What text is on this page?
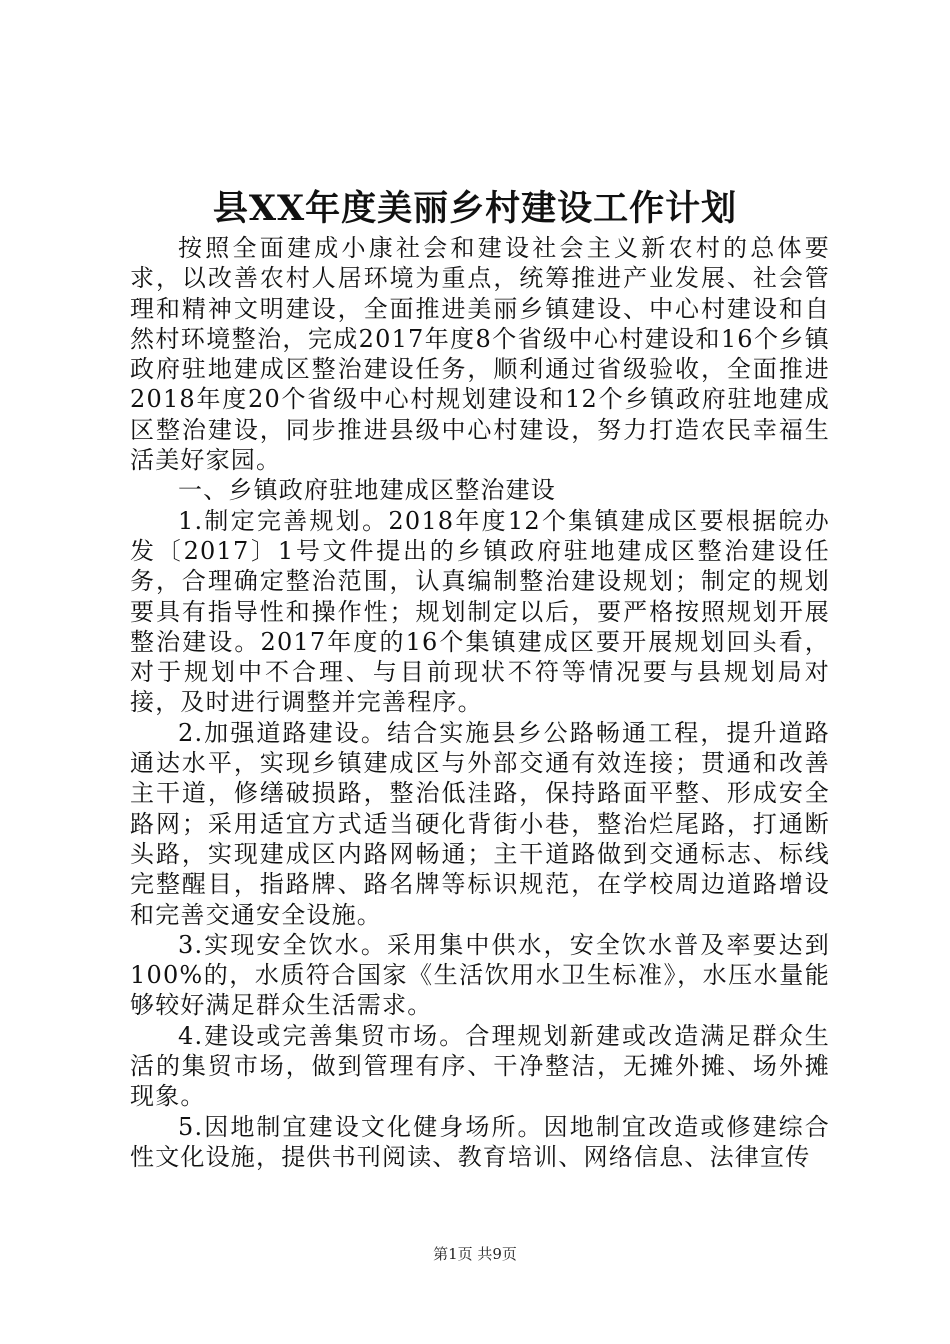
县XX年度美丽乡村建设工作计划

按照全面建成小康社会和建设社会主义新农村的总体要求，以改善农村人居环境为重点，统筹推进产业发展、社会管理和精神文明建设，全面推进美丽乡镇建设、中心村建设和自然村环境整治，完成2017年度8个省级中心村建设和16个乡镇政府驻地建成区整治建设任务，顺利通过省级验收，全面推进2018年度20个省级中心村规划建设和12个乡镇政府驻地建成区整治建设，同步推进县级中心村建设，努力打造农民幸福生活美好家园。

一、乡镇政府驻地建成区整治建设

1.制定完善规划。2018年度12个集镇建成区要根据皖办发〔2017〕1号文件提出的乡镇政府驻地建成区整治建设任务，合理确定整治范围，认真编制整治建设规划；制定的规划要具有指导性和操作性；规划制定以后，要严格按照规划开展整治建设。2017年度的16个集镇建成区要开展规划回头看，对于规划中不合理、与目前现状不符等情况要与县规划局对接，及时进行调整并完善程序。

2.加强道路建设。结合实施县乡公路畅通工程，提升道路通达水平，实现乡镇建成区与外部交通有效连接；贯通和改善主干道，修缮破损路，整治低洼路，保持路面平整、形成安全路网；采用适宜方式适当硬化背街小巷，整治烂尾路，打通断头路，实现建成区内路网畅通；主干道路做到交通标志、标线完整醒目，指路牌、路名牌等标识规范，在学校周边道路增设和完善交通安全设施。

3.实现安全饮水。采用集中供水，安全饮水普及率要达到100%的，水质符合国家《生活饮用水卫生标准》，水压水量能够较好满足群众生活需求。

4.建设或完善集贸市场。合理规划新建或改造满足群众生活的集贸市场，做到管理有序、干净整洁，无摊外摊、场外摊现象。

5.因地制宜建设文化健身场所。因地制宜改造或修建综合性文化设施，提供书刊阅读、教育培训、网络信息、法律宣传

第1页 共9页
